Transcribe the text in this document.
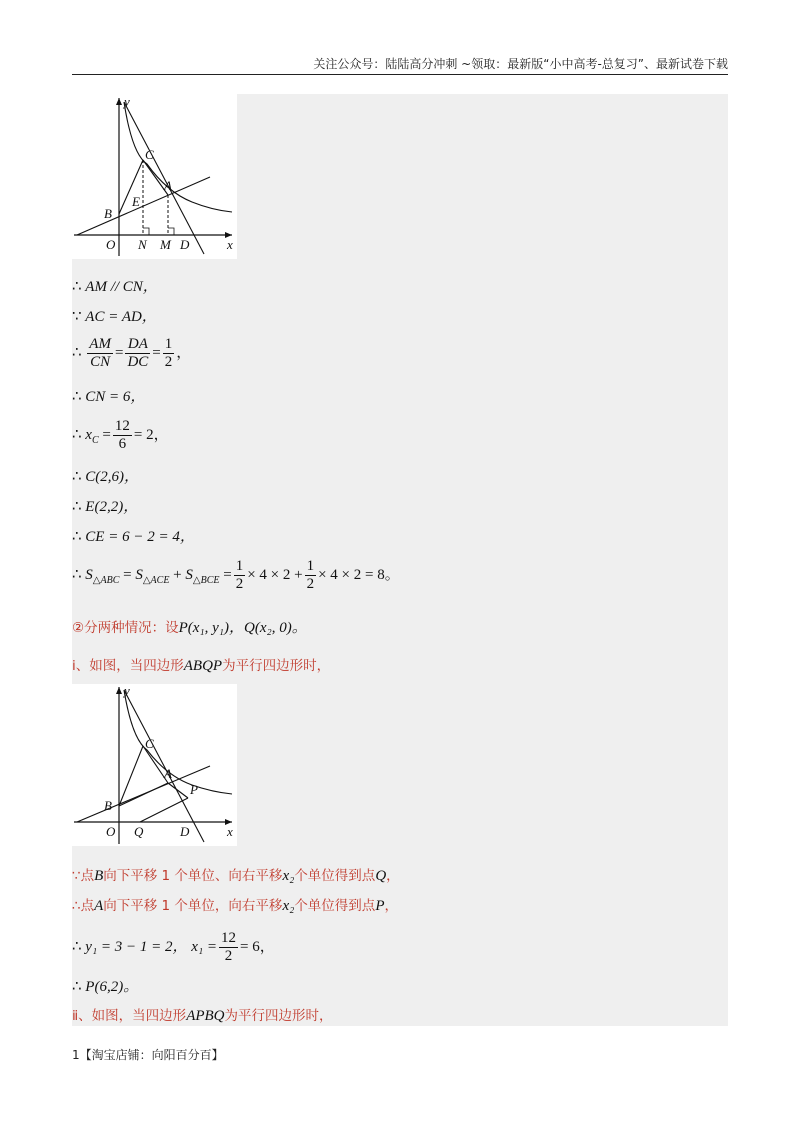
关注公众号：陆陆高分冲刺 ~领取：最新版“小中高考-总复习”、最新试卷下载
y
C
A
B
E
O N M D	x
∴ AM // CN，
∵ AC = AD，
∴ $\frac{AM}{CN} = \frac{DA}{DC} = \frac{1}{2}$ ，
∴ CN = 6，
∴ $x_C = \frac{12}{6} = 2$，
∴ C(2,6)，
∴ E(2,2)，
∴ CE = 6 − 2 = 4，
∴ $S_{\triangle ABC} = S_{\triangle ACE} + S_{\triangle BCE} = \frac{1}{2} \times 4 \times 2 + \frac{1}{2} \times 4 \times 2 = 8$。
②分两种情况：设P(x₁, y₁)，Q(x₂, 0)。
ⅰ、如图，当四边形ABQP为平行四边形时，
y
C
A
P
B
O Q	D	x
∵点B向下平移 1 个单位、向右平移x₂个单位得到点Q，
∴点A向下平移 1 个单位，向右平移x₂个单位得到点P，
∴ y₁ = 3 − 1 = 2， $x_1 = \frac{12}{2} = 6$，
∴ P(6,2)。
ⅱ、如图，当四边形APBQ为平行四边形时，
1【淘宝店铺：向阳百分百】
